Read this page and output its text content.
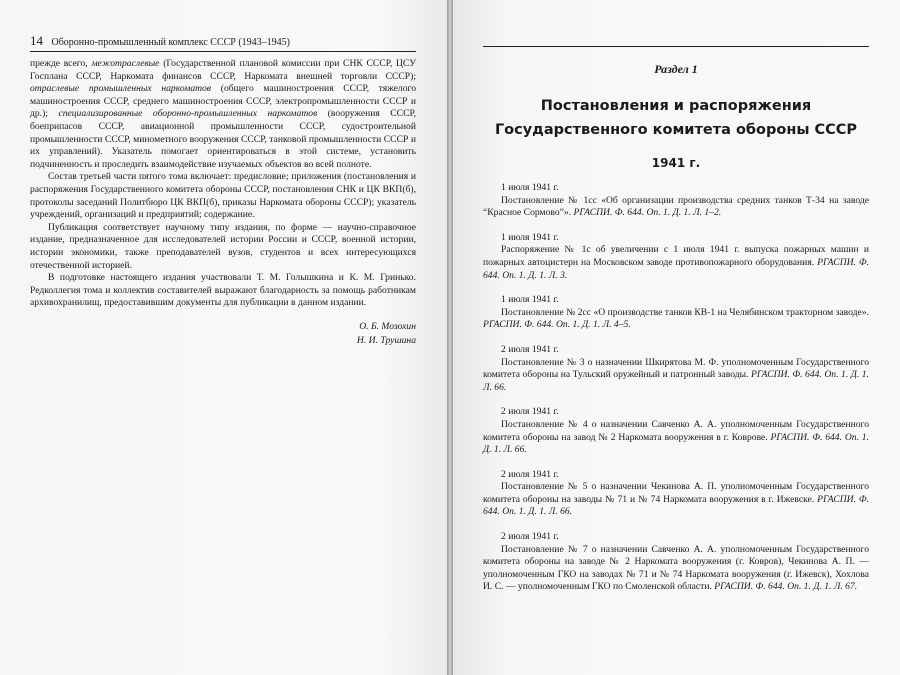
14 Оборонно-промышленный комплекс СССР (1943–1945)

прежде всего, межотраслевые (Государственной плановой комиссии при СНК СССР, ЦСУ Госплана СССР, Наркомата финансов СССР, Наркомата внешней торговли СССР); отраслевые промышленных наркоматов (общего машиностроения СССР, тяжелого машиностроения СССР, среднего машиностроения СССР, электропромышленности СССР и др.); специализированные оборонно-промышленных наркоматов (вооружения СССР, боеприпасов СССР, авиационной промышленности СССР, судостроительной промышленности СССР, минометного вооружения СССР, танковой промышленности СССР и их управлений). Указатель помогает ориентироваться в этой системе, установить подчиненность и проследить взаимодействие изучаемых объектов во всей полноте.

Состав третьей части пятого тома включает: предисловие; приложения (постановления и распоряжения Государственного комитета обороны СССР, постановления СНК и ЦК ВКП(б), протоколы заседаний Политбюро ЦК ВКП(б), приказы Наркомата обороны СССР); указатель учреждений, организаций и предприятий; содержание.

Публикация соответствует научному типу издания, по форме — научно-справочное издание, предназначенное для исследователей истории России и СССР, военной истории, истории экономики, также преподавателей вузов, студентов и всех интересующихся отечественной историей.

В подготовке настоящего издания участвовали Т. М. Голышкина и К. М. Гринько. Редколлегия тома и коллектив составителей выражают благодарность за помощь работникам архивохранилищ, предоставившим документы для публикации в данном издании.

О. Б. Мозохин
Н. И. Трушина
Раздел 1
Постановления и распоряжения
Государственного комитета обороны СССР
1941 г.
1 июля 1941 г.
Постановление № 1сс «Об организации производства средних танков Т-34 на заводе “Красное Сормово”». РГАСПИ. Ф. 644. Оп. 1. Д. 1. Л. 1–2.
1 июля 1941 г.
Распоряжение № 1с об увеличении с 1 июля 1941 г. выпуска пожарных машин и пожарных автоцистерн на Московском заводе противопожарного оборудования. РГАСПИ. Ф. 644. Оп. 1. Д. 1. Л. 3.
1 июля 1941 г.
Постановление № 2сс «О производстве танков КВ-1 на Челябинском тракторном заводе». РГАСПИ. Ф. 644. Оп. 1. Д. 1. Л. 4–5.
2 июля 1941 г.
Постановление № 3 о назначении Шкирятова М. Ф. уполномоченным Государственного комитета обороны на Тульский оружейный и патронный заводы. РГАСПИ. Ф. 644. Оп. 1. Д. 1. Л. 66.
2 июля 1941 г.
Постановление № 4 о назначении Савченко А. А. уполномоченным Государственного комитета обороны на завод № 2 Наркомата вооружения в г. Коврове. РГАСПИ. Ф. 644. Оп. 1. Д. 1. Л. 66.
2 июля 1941 г.
Постановление № 5 о назначении Чекинова А. П. уполномоченным Государственного комитета обороны на заводы № 71 и № 74 Наркомата вооружения в г. Ижевске. РГАСПИ. Ф. 644. Оп. 1. Д. 1. Л. 66.
2 июля 1941 г.
Постановление № 7 о назначении Савченко А. А. уполномоченным Государственного комитета обороны на заводе № 2 Наркомата вооружения (г. Ковров), Чекинова А. П. — уполномоченным ГКО на заводах № 71 и № 74 Наркомата вооружения (г. Ижевск), Хохлова И. С. — уполномоченным ГКО по Смоленской области. РГАСПИ. Ф. 644. Оп. 1. Д. 1. Л. 67.
